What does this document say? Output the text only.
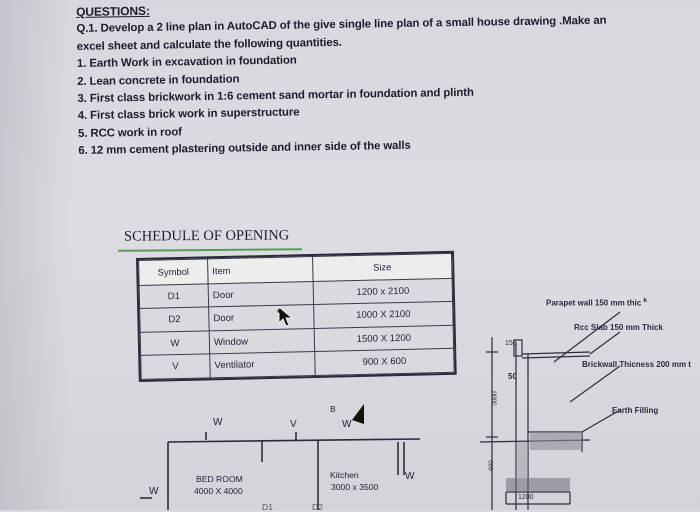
QUESTIONS:
Q.1. Develop a 2 line plan in AutoCAD of the give single line plan of a small house drawing .Make an
excel sheet and calculate the following quantities.
1. Earth Work in excavation in foundation
2. Lean concrete in foundation
3. First class brickwork in 1:6 cement sand mortar in foundation and plinth
4. First class brick work in superstructure
5. RCC work in roof
6. 12 mm cement plastering outside and inner side of the walls
SCHEDULE OF OPENING
Symbol	Item	Size
D1	Door	1200 x 2100
D2	Door	1000 X 2100
W	Window	1500 X 1200
V	Ventilator	900 X 600
W	V
B
W
W
W
BED ROOM
4000 X 4000
Kitchen
3000 x 3500
D1	D2
Parapet wall 150 mm thic $^k$
Rcc Slab 150 mm Thick
Brickwall Thicness 200 mm t
Earth Filling
150
50
3000
600
1200
